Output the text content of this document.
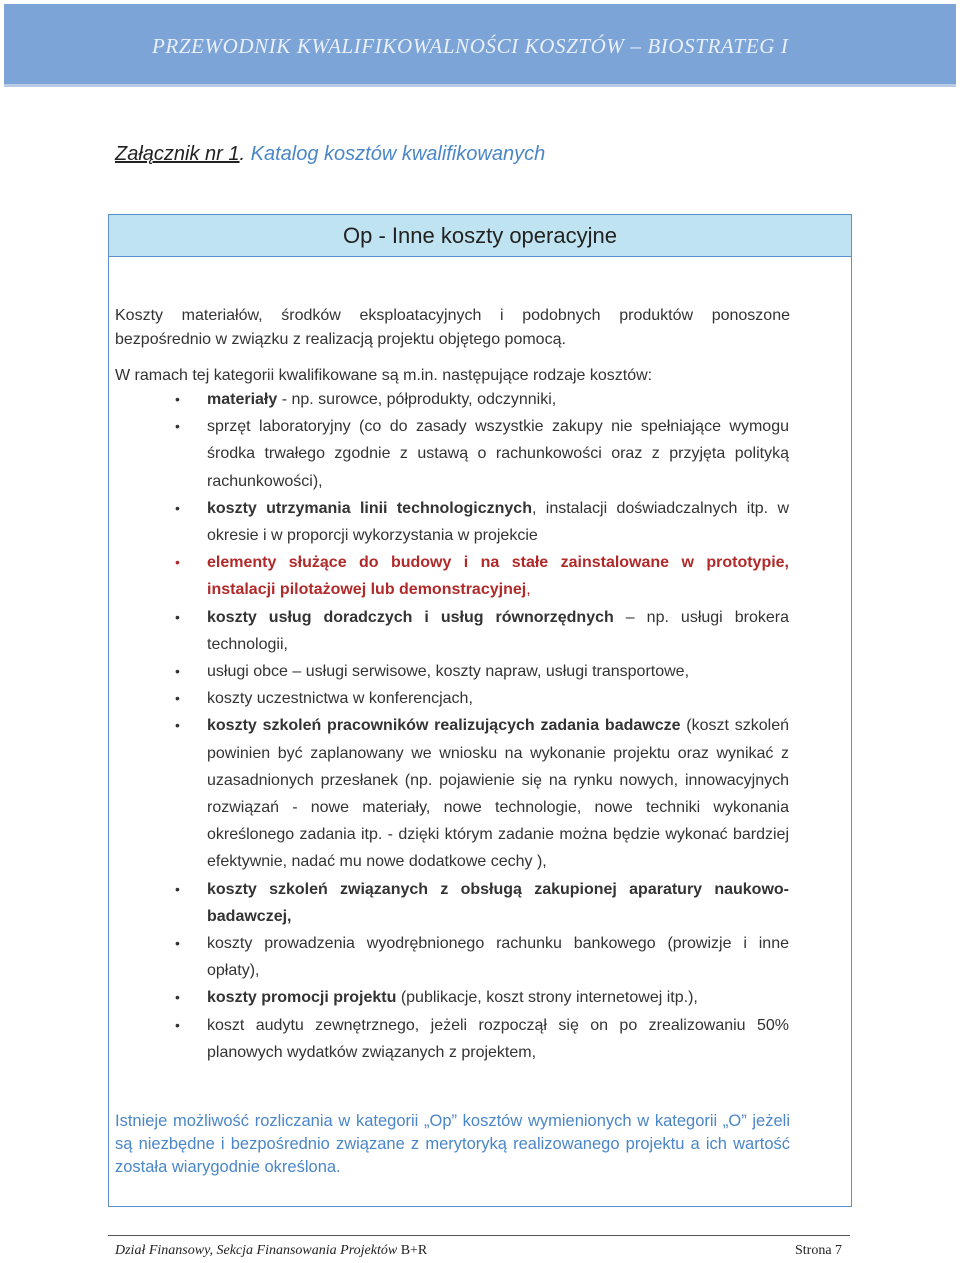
PRZEWODNIK KWALIFIKOWALNOŚCI KOSZTÓW – BIOSTRATEG I
Załącznik nr 1. Katalog kosztów kwalifikowanych
Op - Inne koszty operacyjne
Koszty materiałów, środków eksploatacyjnych i podobnych produktów ponoszone bezpośrednio w związku z realizacją projektu objętego pomocą.
W ramach tej kategorii kwalifikowane są m.in. następujące rodzaje kosztów:
• materiały - np. surowce, półprodukty, odczynniki,
• sprzęt laboratoryjny (co do zasady wszystkie zakupy nie spełniające wymogu środka trwałego zgodnie z ustawą o rachunkowości oraz z przyjęta polityką rachunkowości),
• koszty utrzymania linii technologicznych, instalacji doświadczalnych itp. w okresie i w proporcji wykorzystania w projekcie
• elementy służące do budowy i na stałe zainstalowane w prototypie, instalacji pilotażowej lub demonstracyjnej,
• koszty usług doradczych i usług równorzędnych – np. usługi brokera technologii,
• usługi obce – usługi serwisowe, koszty napraw, usługi transportowe,
• koszty uczestnictwa w konferencjach,
• koszty szkoleń pracowników realizujących zadania badawcze (koszt szkoleń powinien być zaplanowany we wniosku na wykonanie projektu oraz wynikać z uzasadnionych przesłanek (np. pojawienie się na rynku nowych, innowacyjnych rozwiązań - nowe materiały, nowe technologie, nowe techniki wykonania określonego zadania itp. - dzięki którym zadanie można będzie wykonać bardziej efektywnie, nadać mu nowe dodatkowe cechy ),
• koszty szkoleń związanych z obsługą zakupionej aparatury naukowo-badawczej,
• koszty prowadzenia wyodrębnionego rachunku bankowego (prowizje i inne opłaty),
• koszty promocji projektu (publikacje, koszt strony internetowej itp.),
• koszt audytu zewnętrznego, jeżeli rozpoczął się on po zrealizowaniu 50% planowych wydatków związanych z projektem,
Istnieje możliwość rozliczania w kategorii „Op” kosztów wymienionych w kategorii „O” jeżeli są niezbędne i bezpośrednio związane z merytoryką realizowanego projektu a ich wartość została wiarygodnie określona.
Dział Finansowy, Sekcja Finansowania Projektów B+R	Strona 7
